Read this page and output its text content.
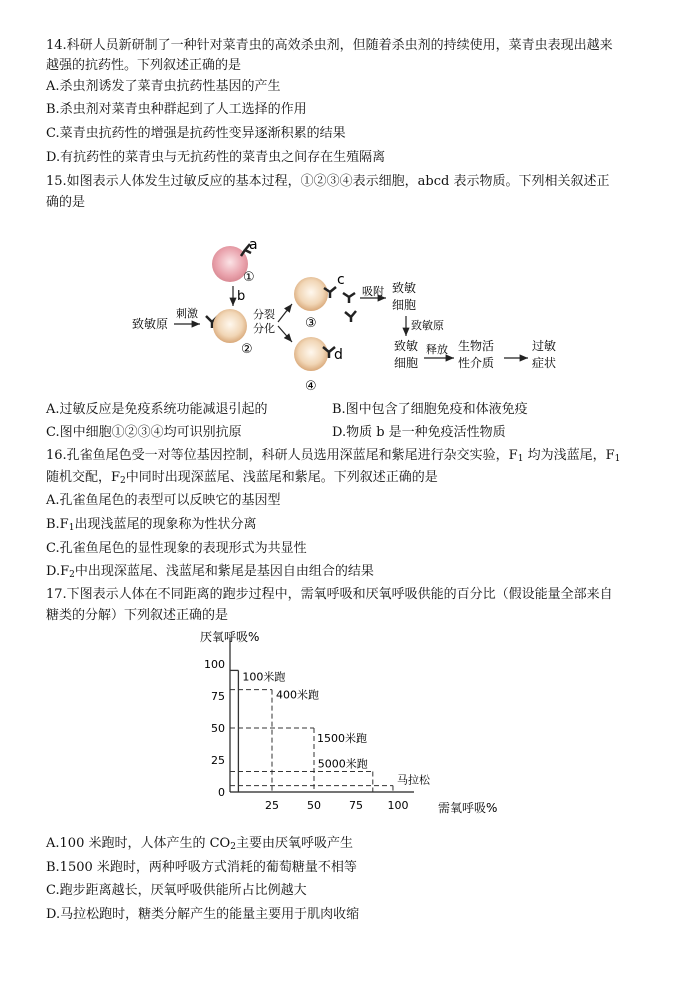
14.科研人员新研制了一种针对菜青虫的高效杀虫剂，但随着杀虫剂的持续使用，菜青虫表现出越来
越强的抗药性。下列叙述正确的是
A.杀虫剂诱发了菜青虫抗药性基因的产生
B.杀虫剂对菜青虫种群起到了人工选择的作用
C.菜青虫抗药性的增强是抗药性变异逐渐积累的结果
D.有抗药性的菜青虫与无抗药性的菜青虫之间存在生殖隔离
15.如图表示人体发生过敏反应的基本过程，①②③④表示细胞，abcd 表示物质。下列相关叙述正
确的是
a
①
b
致敏原
刺激
②
分裂
分化
c
③
d
④
吸附 致敏
细胞
致敏原
致敏
细胞
释放 生物活
性介质
过敏
症状
A.过敏反应是免疫系统功能减退引起的	B.图中包含了细胞免疫和体液免疫
C.图中细胞①②③④均可识别抗原	D.物质 b 是一种免疫活性物质
16.孔雀鱼尾色受一对等位基因控制，科研人员选用深蓝尾和紫尾进行杂交实验，$F_1$ 均为浅蓝尾，$F_1$
随机交配，$F_2$中同时出现深蓝尾、浅蓝尾和紫尾。下列叙述正确的是
A.孔雀鱼尾色的表型可以反映它的基因型
$B.F_1$出现浅蓝尾的现象称为性状分离
C.孔雀鱼尾色的显性现象的表现形式为共显性
$D.F_2$中出现深蓝尾、浅蓝尾和紫尾是基因自由组合的结果
17.下图表示人体在不同距离的跑步过程中，需氧呼吸和厌氧呼吸供能的百分比（假设能量全部来自
糖类的分解）下列叙述正确的是
厌氧呼吸%
需氧呼吸%
25	50	75 100
0
25
50
75
100
100米跑
400米跑
1500米跑
5000米跑
马拉松
A.100 米跑时，人体产生的 $CO_2$主要由厌氧呼吸产生
B.1500 米跑时，两种呼吸方式消耗的葡萄糖量不相等
C.跑步距离越长，厌氧呼吸供能所占比例越大
D.马拉松跑时，糖类分解产生的能量主要用于肌肉收缩
